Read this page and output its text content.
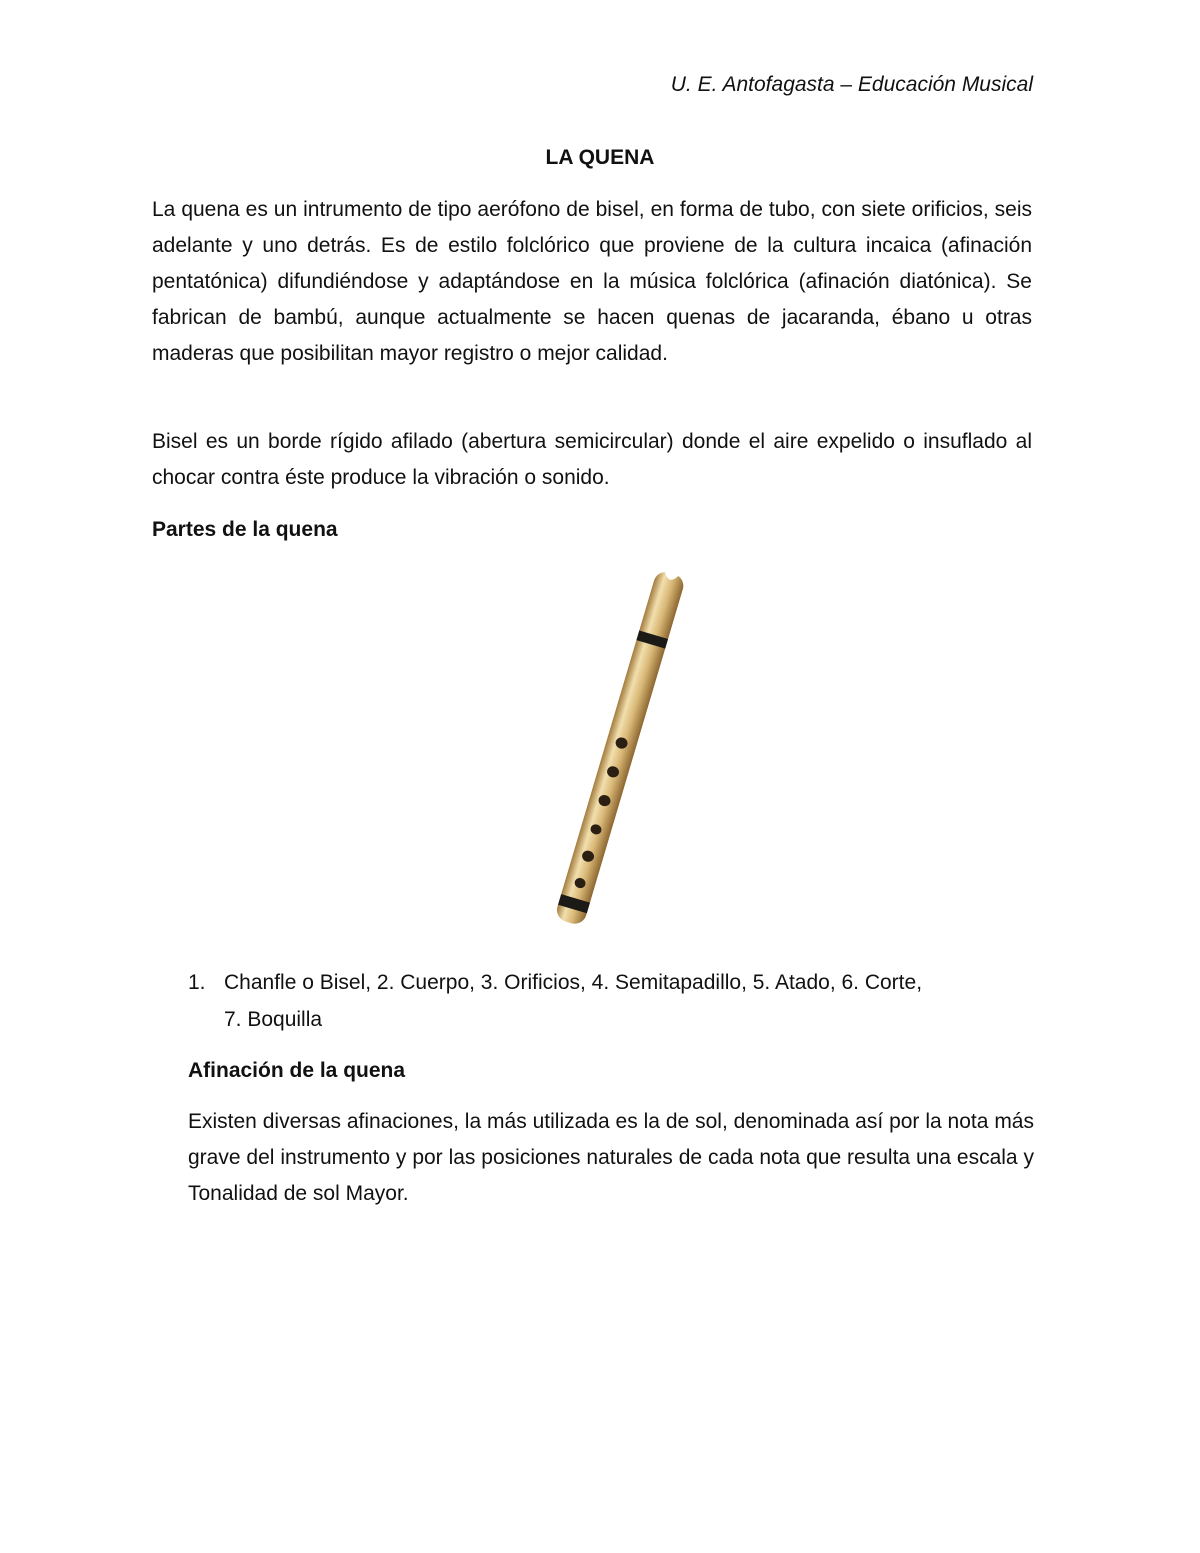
U. E. Antofagasta – Educación Musical
LA QUENA

La quena es un intrumento de tipo aerófono de bisel, en forma de tubo, con siete orificios, seis adelante y uno detrás. Es de estilo folclórico que proviene de la cultura incaica (afinación pentatónica) difundiéndose y adaptándose en la música folclórica (afinación diatónica). Se fabrican de bambú, aunque actualmente se hacen quenas de jacaranda, ébano u otras maderas que posibilitan mayor registro o mejor calidad.

Bisel es un borde rígido afilado (abertura semicircular) donde el aire expelido o insuflado al chocar contra éste produce la vibración o sonido.

Partes de la quena
1. Chanfle o Bisel, 2. Cuerpo, 3. Orificios, 4. Semitapadillo, 5. Atado, 6. Corte,
7. Boquilla
Afinación de la quena

Existen diversas afinaciones, la más utilizada es la de sol, denominada así por la nota más grave del instrumento y por las posiciones naturales de cada nota que resulta una escala y Tonalidad de sol Mayor.
